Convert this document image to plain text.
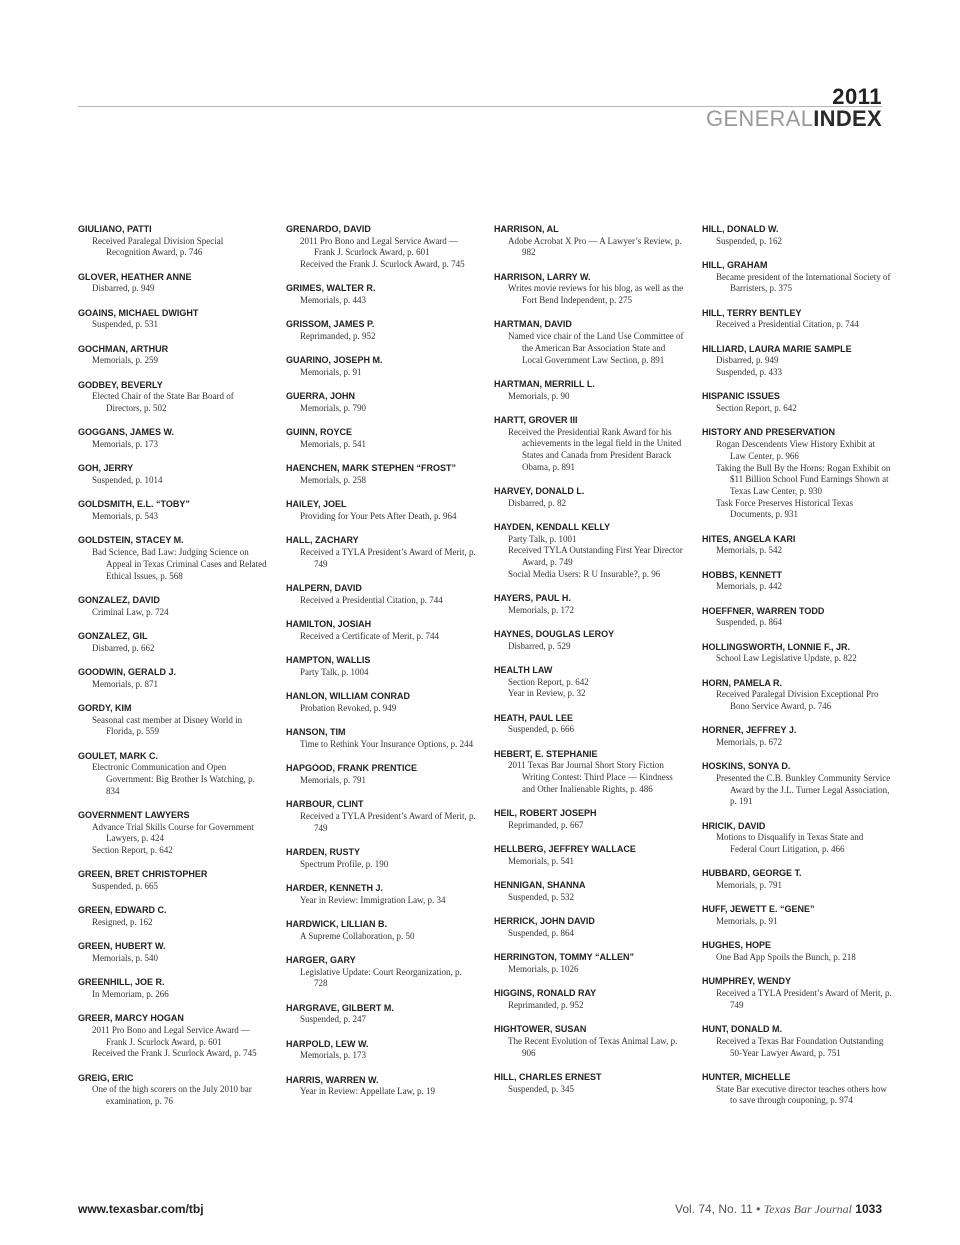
2011
GENERALINDEX
GIULIANO, PATTI
Received Paralegal Division Special Recognition Award, p. 746
GLOVER, HEATHER ANNE
Disbarred, p. 949
GOAINS, MICHAEL DWIGHT
Suspended, p. 531
GOCHMAN, ARTHUR
Memorials, p. 259
GODBEY, BEVERLY
Elected Chair of the State Bar Board of Directors, p. 502
GOGGANS, JAMES W.
Memorials, p. 173
GOH, JERRY
Suspended, p. 1014
GOLDSMITH, E.L. “TOBY”
Memorials, p. 543
GOLDSTEIN, STACEY M.
Bad Science, Bad Law: Judging Science on Appeal in Texas Criminal Cases and Related Ethical Issues, p. 568
GONZALEZ, DAVID
Criminal Law, p. 724
GONZALEZ, GIL
Disbarred, p. 662
GOODWIN, GERALD J.
Memorials, p. 871
GORDY, KIM
Seasonal cast member at Disney World in Florida, p. 559
GOULET, MARK C.
Electronic Communication and Open Government: Big Brother Is Watching, p. 834
GOVERNMENT LAWYERS
Advance Trial Skills Course for Government Lawyers, p. 424
Section Report, p. 642
GREEN, BRET CHRISTOPHER
Suspended, p. 665
GREEN, EDWARD C.
Resigned, p. 162
GREEN, HUBERT W.
Memorials, p. 540
GREENHILL, JOE R.
In Memoriam, p. 266
GREER, MARCY HOGAN
2011 Pro Bono and Legal Service Award — Frank J. Scurlock Award, p. 601
Received the Frank J. Scurlock Award, p. 745
GREIG, ERIC
One of the high scorers on the July 2010 bar examination, p. 76
GRENARDO, DAVID
2011 Pro Bono and Legal Service Award — Frank J. Scurlock Award, p. 601
Received the Frank J. Scurlock Award, p. 745
GRIMES, WALTER R.
Memorials, p. 443
GRISSOM, JAMES P.
Reprimanded, p. 952
GUARINO, JOSEPH M.
Memorials, p. 91
GUERRA, JOHN
Memorials, p. 790
GUINN, ROYCE
Memorials, p. 541
HAENCHEN, MARK STEPHEN “FROST”
Memorials, p. 258
HAILEY, JOEL
Providing for Your Pets After Death, p. 964
HALL, ZACHARY
Received a TYLA President’s Award of Merit, p. 749
HALPERN, DAVID
Received a Presidential Citation, p. 744
HAMILTON, JOSIAH
Received a Certificate of Merit, p. 744
HAMPTON, WALLIS
Party Talk, p. 1004
HANLON, WILLIAM CONRAD
Probation Revoked, p. 949
HANSON, TIM
Time to Rethink Your Insurance Options, p. 244
HAPGOOD, FRANK PRENTICE
Memorials, p. 791
HARBOUR, CLINT
Received a TYLA President’s Award of Merit, p. 749
HARDEN, RUSTY
Spectrum Profile, p. 190
HARDER, KENNETH J.
Year in Review: Immigration Law, p. 34
HARDWICK, LILLIAN B.
A Supreme Collaboration, p. 50
HARGER, GARY
Legislative Update: Court Reorganization, p. 728
HARGRAVE, GILBERT M.
Suspended, p. 247
HARPOLD, LEW W.
Memorials, p. 173
HARRIS, WARREN W.
Year in Review: Appellate Law, p. 19
HARRISON, AL
Adobe Acrobat X Pro — A Lawyer’s Review, p. 982
HARRISON, LARRY W.
Writes movie reviews for his blog, as well as the Fort Bend Independent, p. 275
HARTMAN, DAVID
Named vice chair of the Land Use Committee of the American Bar Association State and Local Government Law Section, p. 891
HARTMAN, MERRILL L.
Memorials, p. 90
HARTT, GROVER III
Received the Presidential Rank Award for his achievements in the legal field in the United States and Canada from President Barack Obama, p. 891
HARVEY, DONALD L.
Disbarred, p. 82
HAYDEN, KENDALL KELLY
Party Talk, p. 1001
Received TYLA Outstanding First Year Director Award, p. 749
Social Media Users: R U Insurable?, p. 96
HAYERS, PAUL H.
Memorials, p. 172
HAYNES, DOUGLAS LEROY
Disbarred, p. 529
HEALTH LAW
Section Report, p. 642
Year in Review, p. 32
HEATH, PAUL LEE
Suspended, p. 666
HEBERT, E. STEPHANIE
2011 Texas Bar Journal Short Story Fiction Writing Contest: Third Place — Kindness and Other Inalienable Rights, p. 486
HEIL, ROBERT JOSEPH
Reprimanded, p. 667
HELLBERG, JEFFREY WALLACE
Memorials, p. 541
HENNIGAN, SHANNA
Suspended, p. 532
HERRICK, JOHN DAVID
Suspended, p. 864
HERRINGTON, TOMMY “ALLEN”
Memorials, p. 1026
HIGGINS, RONALD RAY
Reprimanded, p. 952
HIGHTOWER, SUSAN
The Recent Evolution of Texas Animal Law, p. 906
HILL, CHARLES ERNEST
Suspended, p. 345
HILL, DONALD W.
Suspended, p. 162
HILL, GRAHAM
Became president of the International Society of Barristers, p. 375
HILL, TERRY BENTLEY
Received a Presidential Citation, p. 744
HILLIARD, LAURA MARIE SAMPLE
Disbarred, p. 949
Suspended, p. 433
HISPANIC ISSUES
Section Report, p. 642
HISTORY AND PRESERVATION
Rogan Descendents View History Exhibit at Law Center, p. 966
Taking the Bull By the Horns: Rogan Exhibit on $11 Billion School Fund Earnings Shown at Texas Law Center, p. 930
Task Force Preserves Historical Texas Documents, p. 931
HITES, ANGELA KARI
Memorials, p. 542
HOBBS, KENNETT
Memorials, p. 442
HOEFFNER, WARREN TODD
Suspended, p. 864
HOLLINGSWORTH, LONNIE F., JR.
School Law Legislative Update, p. 822
HORN, PAMELA R.
Received Paralegal Division Exceptional Pro Bono Service Award, p. 746
HORNER, JEFFREY J.
Memorials, p. 672
HOSKINS, SONYA D.
Presented the C.B. Bunkley Community Service Award by the J.L. Turner Legal Association, p. 191
HRICIK, DAVID
Motions to Disqualify in Texas State and Federal Court Litigation, p. 466
HUBBARD, GEORGE T.
Memorials, p. 791
HUFF, JEWETT E. “GENE”
Memorials, p. 91
HUGHES, HOPE
One Bad App Spoils the Bunch, p. 218
HUMPHREY, WENDY
Received a TYLA President’s Award of Merit, p. 749
HUNT, DONALD M.
Received a Texas Bar Foundation Outstanding 50-Year Lawyer Award, p. 751
HUNTER, MICHELLE
State Bar executive director teaches others how to save through couponing, p. 974
www.texasbar.com/tbj	Vol. 74, No. 11 • Texas Bar Journal 1033
